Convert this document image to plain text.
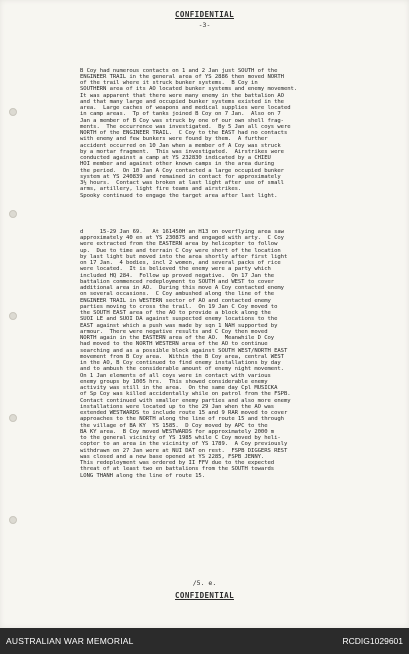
CONFIDENTIAL
-3-

B Coy had numerous contacts on 1 and 2 Jan just SOUTH of the
ENGINEER TRAIL in the general area of YS 2886 then moved NORTH
of the trail where it struck bunker systems.  B Coy in
SOUTHERN area of its AO located bunker systems and enemy movement.
It was apparent that there were many enemy in the battalion AO
and that many large and occupied bunker systems existed in the
area.  Large caches of weapons and medical supplies were located
in camp areas.  Tp of tanks joined B Coy on 7 Jan.  Also on 7
Jan a member of B Coy was struck by one of our own shell frag-
ments.  The occurrence was investigated.  By 5 Jan all coys were
NORTH of the ENGINEER TRAIL.  C Coy to the EAST had no contacts
with enemy and few bunkers were found by them.  A further
accident occurred on 10 Jan when a member of A Coy was struck
by a mortar fragment.  This was investigated.  Airstrikes were
conducted against a camp at YS 232830 indicated by a CHIEU
HOI member and against other known camps in the area during
the period.  On 10 Jan A Coy contacted a large occupied bunker
system at YS 240839 and remained in contact for approximately
3½ hours.  Contact was broken at last light after use of small
arms, artillery, light fire teams and airstrikes.
Spooky continued to engage the target area after last light.

d     15-29 Jan 69.   At 161450H an H13 on overflying area saw
approximately 40 en at YS 230875 and engaged with arty.  C Coy
were extracted from the EASTERN area by helicopter to follow
up.  Due to time and terrain C Coy were short of the location
by last light but moved into the area shortly after first light
on 17 Jan.  4 bodies, incl 2 women, and several packs of rice
were located.  It is believed the enemy were a party which
included HQ 284.  Follow up proved negative.  On 17 Jan the
battalion commenced redeployment to SOUTH and WEST to cover
additional area in AO.  During this move A Coy contacted enemy
on several occasions.  C Coy ambushed along the line of the
ENGINEER TRAIL in WESTERN sector of AO and contacted enemy
parties moving to cross the trail.  On 19 Jan C Coy moved to
the SOUTH EAST area of the AO to provide a block along the
SUOI LE and SUOI DA against suspected enemy locations to the
EAST against which a push was made by sqn 1 NAH supported by
armour.  There were negative results and C Coy then moved
NORTH again in the EASTERN area of the AO.  Meanwhile D Coy
had moved to the NORTH WESTERN area of the AO to continue
searching and as a possible block against SOUTH WEST/NORTH EAST
movement from B Coy area.  Within the B Coy area, central WEST
in the AO, B Coy continued to find enemy installations by day
and to ambush the considerable amount of enemy night movement.
On 1 Jan elements of all coys were in contact with various
enemy groups by 1005 hrs.  This showed considerable enemy
activity was still in the area.  On the same day Cpl MUSICKA
of Sp Coy was killed accidentally while on patrol from the FSPB.
Contact continued with smaller enemy parties and also more enemy
installations were located up to the 29 Jan when the AO was
extended WESTWARDS to include route 15 and 9 RAR moved to cover
approaches to the NORTH along the line of route 15 and through
the village of BA KY  YS 1585.  D Coy moved by APC to the
BA KY area.  B Coy moved WESTWARDS for approximately 2000 m
to the general vicinity of YS 1985 while C Coy moved by heli-
copter to an area in the vicinity of YS 1789.  A Coy previously
withdrawn on 27 Jan were at NUI DAT on rest.  FSPB DIGGERS REST
was closed and a new base opened at YS 2285, FSPB JENNY.
This redeployment was ordered by II FFV due to the expected
threat of at least two en battalions from the SOUTH towards
LONG THANH along the line of route 15.

/5. e.
CONFIDENTIAL
AUSTRALIAN WAR MEMORIAL	RCDIG1029601
